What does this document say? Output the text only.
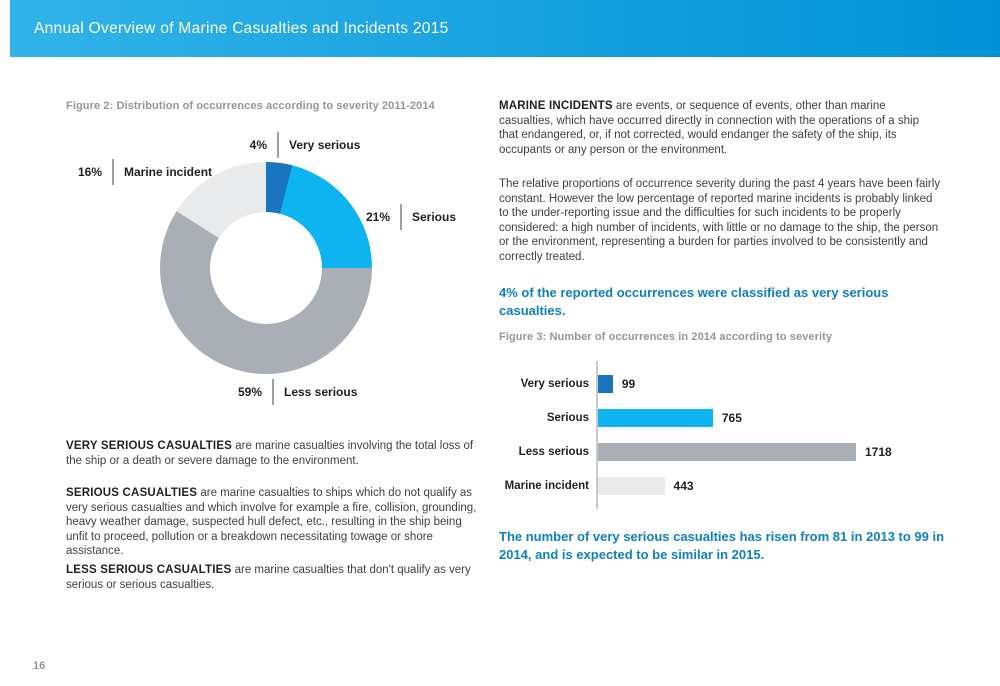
Annual Overview of Marine Casualties and Incidents 2015
Figure 2: Distribution of occurrences according to severity 2011-2014
4%	Very serious
21%	Serious
59%	Less serious
16%	Marine incident

VERY SERIOUS CASUALTIES are marine casualties involving the total loss of the ship or a death or severe damage to the environment.

SERIOUS CASUALTIES are marine casualties to ships which do not qualify as very serious casualties and which involve for example a fire, collision, grounding, heavy weather damage, suspected hull defect, etc., resulting in the ship being unfit to proceed, pollution or a breakdown necessitating towage or shore assistance.

LESS SERIOUS CASUALTIES are marine casualties that don't qualify as very serious or serious casualties.

MARINE INCIDENTS are events, or sequence of events, other than marine casualties, which have occurred directly in connection with the operations of a ship that endangered, or, if not corrected, would endanger the safety of the ship, its occupants or any person or the environment.

The relative proportions of occurrence severity during the past 4 years have been fairly constant. However the low percentage of reported marine incidents is probably linked to the under-reporting issue and the difficulties for such incidents to be properly considered: a high number of incidents, with little or no damage to the ship, the person or the environment, representing a burden for parties involved to be consistently and correctly treated.

4% of the reported occurrences were classified as very serious casualties.
Figure 3: Number of occurrences in 2014 according to severity
Very serious	99
Serious	765
Less serious	1718
Marine incident	443
The number of very serious casualties has risen from 81 in 2013 to 99 in 2014, and is expected to be similar in 2015.
16
